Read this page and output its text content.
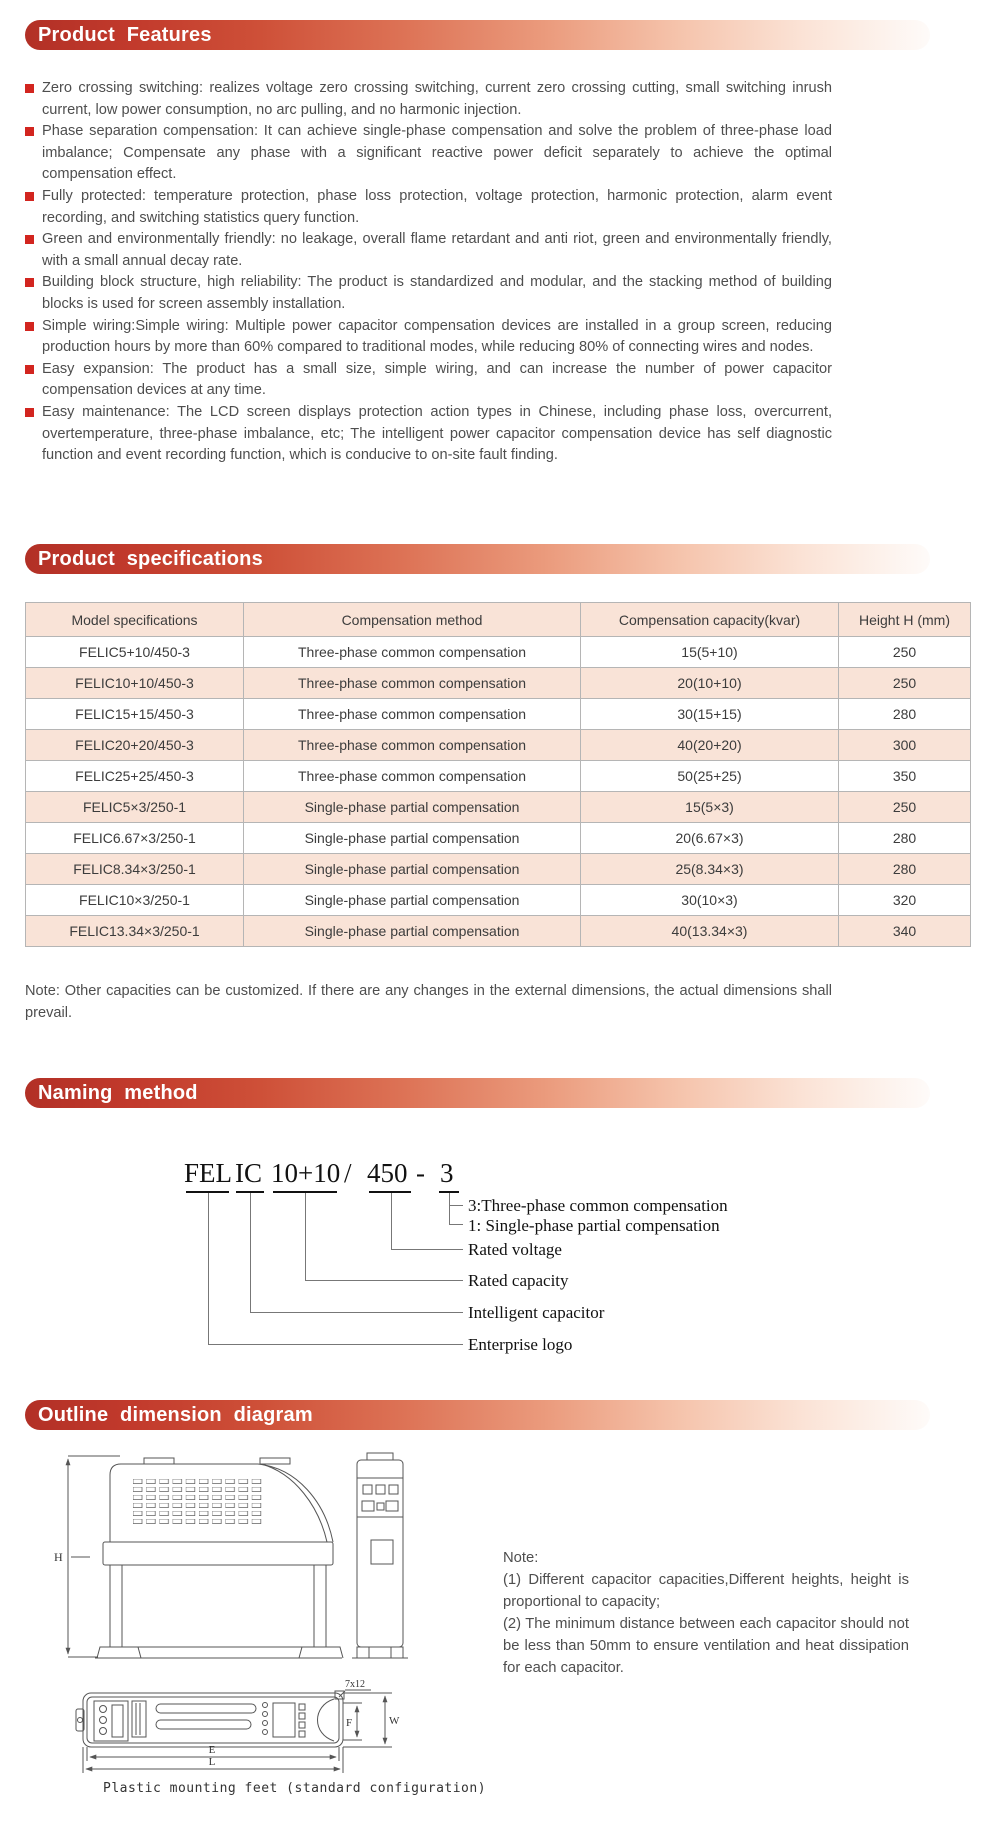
Product Features
Product specifications
Naming method
Outline dimension diagram
Zero crossing switching: realizes voltage zero crossing switching, current zero crossing cutting, small switching inrush current, low power consumption, no arc pulling, and no harmonic injection.
Phase separation compensation: It can achieve single-phase compensation and solve the problem of three-phase load imbalance; Compensate any phase with a significant reactive power deficit separately to achieve the optimal compensation effect.
Fully protected: temperature protection, phase loss protection, voltage protection, harmonic protection, alarm event recording, and switching statistics query function.
Green and environmentally friendly: no leakage, overall flame retardant and anti riot, green and environmentally friendly, with a small annual decay rate.
Building block structure, high reliability: The product is standardized and modular, and the stacking method of building blocks is used for screen assembly installation.
Simple wiring:Simple wiring: Multiple power capacitor compensation devices are installed in a group screen, reducing production hours by more than 60% compared to traditional modes, while reducing 80% of connecting wires and nodes.
Easy expansion: The product has a small size, simple wiring, and can increase the number of power capacitor compensation devices at any time.
Easy maintenance: The LCD screen displays protection action types in Chinese, including phase loss, overcurrent, overtemperature, three-phase imbalance, etc; The intelligent power capacitor compensation device has self diagnostic function and event recording function, which is conducive to on-site fault finding.
Model specifications	Compensation method	Compensation capacity(kvar)	Height H (mm)
FELIC5+10/450-3	Three-phase common compensation	15(5+10)	250
FELIC10+10/450-3	Three-phase common compensation	20(10+10)	250
FELIC15+15/450-3	Three-phase common compensation	30(15+15)	280
FELIC20+20/450-3	Three-phase common compensation	40(20+20)	300
FELIC25+25/450-3	Three-phase common compensation	50(25+25)	350
FELIC5×3/250-1	Single-phase partial compensation	15(5×3)	250
FELIC6.67×3/250-1	Single-phase partial compensation	20(6.67×3)	280
FELIC8.34×3/250-1	Single-phase partial compensation	25(8.34×3)	280
FELIC10×3/250-1	Single-phase partial compensation	30(10×3)	320
FELIC13.34×3/250-1	Single-phase partial compensation	40(13.34×3)	340
Note: Other capacities can be customized. If there are any changes in the external dimensions, the actual dimensions shall prevail.
FEL IC 10+10 / 450 - 3
3:Three-phase common compensation
1: Single-phase partial compensation
Rated voltage
Rated capacity
Intelligent capacitor
Enterprise logo
H
7x12
F	W
E
L
Note:
(1) Different capacitor capacities,Different heights, height is proportional to capacity;
(2) The minimum distance between each capacitor should not be less than 50mm to ensure ventilation and heat dissipation for each capacitor.
Plastic mounting feet (standard configuration)
